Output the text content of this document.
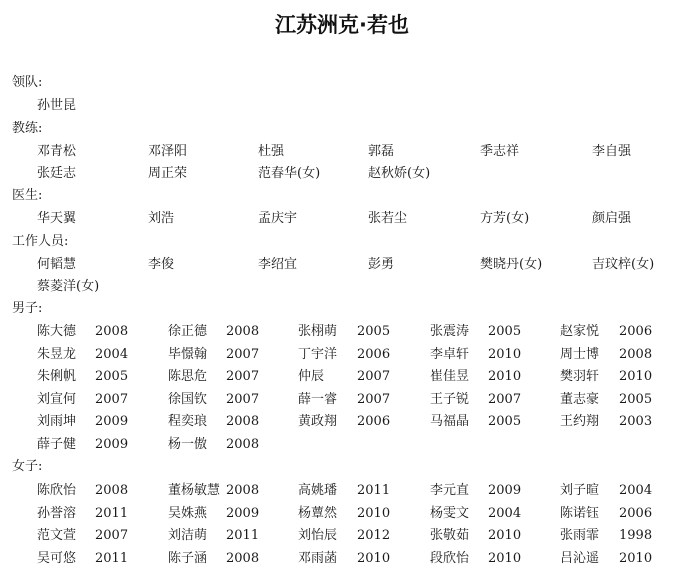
江苏洲克·若也
领队:
孙世昆
教练:
邓青松	邓泽阳	杜强	郭磊	季志祥	李自强
张廷志	周正荣	范春华(女)	赵秋娇(女)
医生:
华天翼	刘浩	孟庆宇	张若尘	方芳(女)	颜启强
工作人员:
何韬慧	李俊	李绍宜	彭勇	樊晓丹(女)	吉玟梓(女)
蔡菱洋(女)
男子:
陈大德 2008	徐正德 2008	张栩萌 2005	张震涛 2005	赵家悦 2006
朱昱龙 2004	毕憬翰 2007	丁宇洋 2006	李卓轩 2010	周士博 2008
朱俐帆 2005	陈思危 2007	仲辰	2007	崔佳昱 2010	樊羽轩 2010
刘宣何 2007	徐国钦 2007	薛一睿 2007	王子锐 2007	董志豪 2005
刘雨坤 2009	程奕琅 2008	黄政翔 2006	马福晶 2005	王约翔 2003
薛子健 2009	杨一傲 2008
女子:
陈欣怡 2008	董杨敏慧 2008	高姚璠 2011	李元直 2009	刘子暄 2004
孙誉溶 2011	吴姝燕 2009	杨蕈然 2010	杨雯文 2004	陈诺钰 2006
范文萱 2007	刘洁萌 2011	刘怡辰 2012	张敬茹 2010	张雨霏 1998
吴可悠 2011	陈子涵 2008	邓雨菡 2010	段欣怡 2010	吕沁遥 2010
